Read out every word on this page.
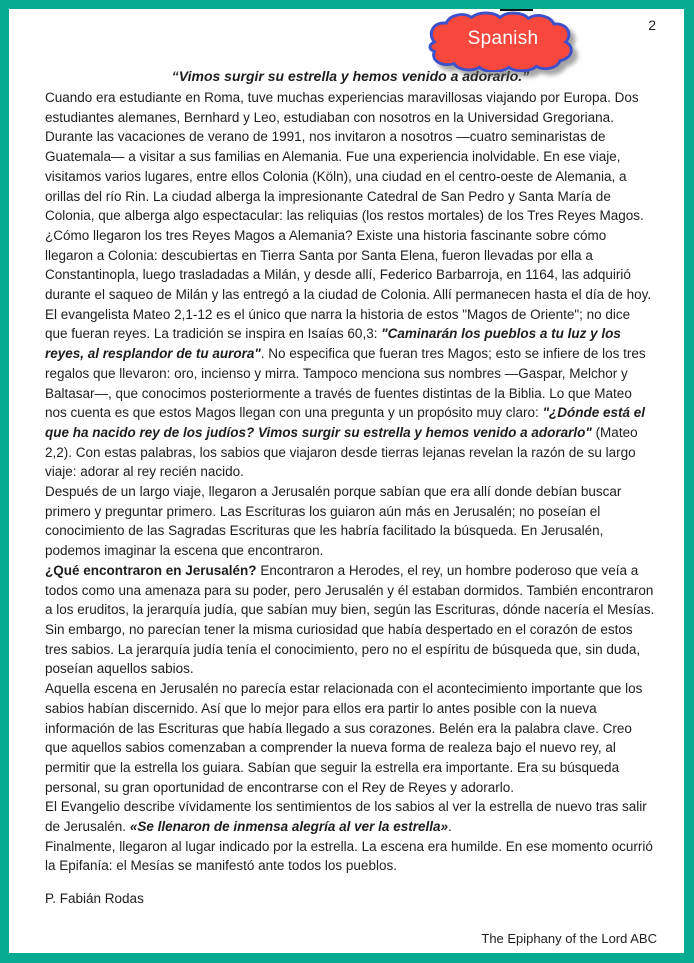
Spanish
2
“Vimos surgir su estrella y hemos venido a adorarlo.”

Cuando era estudiante en Roma, tuve muchas experiencias maravillosas viajando por Europa. Dos estudiantes alemanes, Bernhard y Leo, estudiaban con nosotros en la Universidad Gregoriana. Durante las vacaciones de verano de 1991, nos invitaron a nosotros —cuatro seminaristas de Guatemala— a visitar a sus familias en Alemania. Fue una experiencia inolvidable. En ese viaje, visitamos varios lugares, entre ellos Colonia (Köln), una ciudad en el centro-oeste de Alemania, a orillas del río Rin. La ciudad alberga la impresionante Catedral de San Pedro y Santa María de Colonia, que alberga algo espectacular: las reliquias (los restos mortales) de los Tres Reyes Magos. ¿Cómo llegaron los tres Reyes Magos a Alemania? Existe una historia fascinante sobre cómo llegaron a Colonia: descubiertas en Tierra Santa por Santa Elena, fueron llevadas por ella a Constantinopla, luego trasladadas a Milán, y desde allí, Federico Barbarroja, en 1164, las adquirió durante el saqueo de Milán y las entregó a la ciudad de Colonia. Allí permanecen hasta el día de hoy.

El evangelista Mateo 2,1-12 es el único que narra la historia de estos "Magos de Oriente"; no dice que fueran reyes. La tradición se inspira en Isaías 60,3: "Caminarán los pueblos a tu luz y los reyes, al resplandor de tu aurora". No especifica que fueran tres Magos; esto se infiere de los tres regalos que llevaron: oro, incienso y mirra. Tampoco menciona sus nombres —Gaspar, Melchor y Baltasar—, que conocimos posteriormente a través de fuentes distintas de la Biblia. Lo que Mateo nos cuenta es que estos Magos llegan con una pregunta y un propósito muy claro: "¿Dónde está el que ha nacido rey de los judíos? Vimos surgir su estrella y hemos venido a adorarlo" (Mateo 2,2). Con estas palabras, los sabios que viajaron desde tierras lejanas revelan la razón de su largo viaje: adorar al rey recién nacido.

Después de un largo viaje, llegaron a Jerusalén porque sabían que era allí donde debían buscar primero y preguntar primero. Las Escrituras los guiaron aún más en Jerusalén; no poseían el conocimiento de las Sagradas Escrituras que les habría facilitado la búsqueda. En Jerusalén, podemos imaginar la escena que encontraron.

¿Qué encontraron en Jerusalén? Encontraron a Herodes, el rey, un hombre poderoso que veía a todos como una amenaza para su poder, pero Jerusalén y él estaban dormidos. También encontraron a los eruditos, la jerarquía judía, que sabían muy bien, según las Escrituras, dónde nacería el Mesías. Sin embargo, no parecían tener la misma curiosidad que había despertado en el corazón de estos tres sabios. La jerarquía judía tenía el conocimiento, pero no el espíritu de búsqueda que, sin duda, poseían aquellos sabios.

Aquella escena en Jerusalén no parecía estar relacionada con el acontecimiento importante que los sabios habían discernido. Así que lo mejor para ellos era partir lo antes posible con la nueva información de las Escrituras que había llegado a sus corazones. Belén era la palabra clave. Creo que aquellos sabios comenzaban a comprender la nueva forma de realeza bajo el nuevo rey, al permitir que la estrella los guiara. Sabían que seguir la estrella era importante. Era su búsqueda personal, su gran oportunidad de encontrarse con el Rey de Reyes y adorarlo.

El Evangelio describe vívidamente los sentimientos de los sabios al ver la estrella de nuevo tras salir de Jerusalén. «Se llenaron de inmensa alegría al ver la estrella».

Finalmente, llegaron al lugar indicado por la estrella. La escena era humilde. En ese momento ocurrió la Epifanía: el Mesías se manifestó ante todos los pueblos.

P. Fabián Rodas
The Epiphany of the Lord ABC
